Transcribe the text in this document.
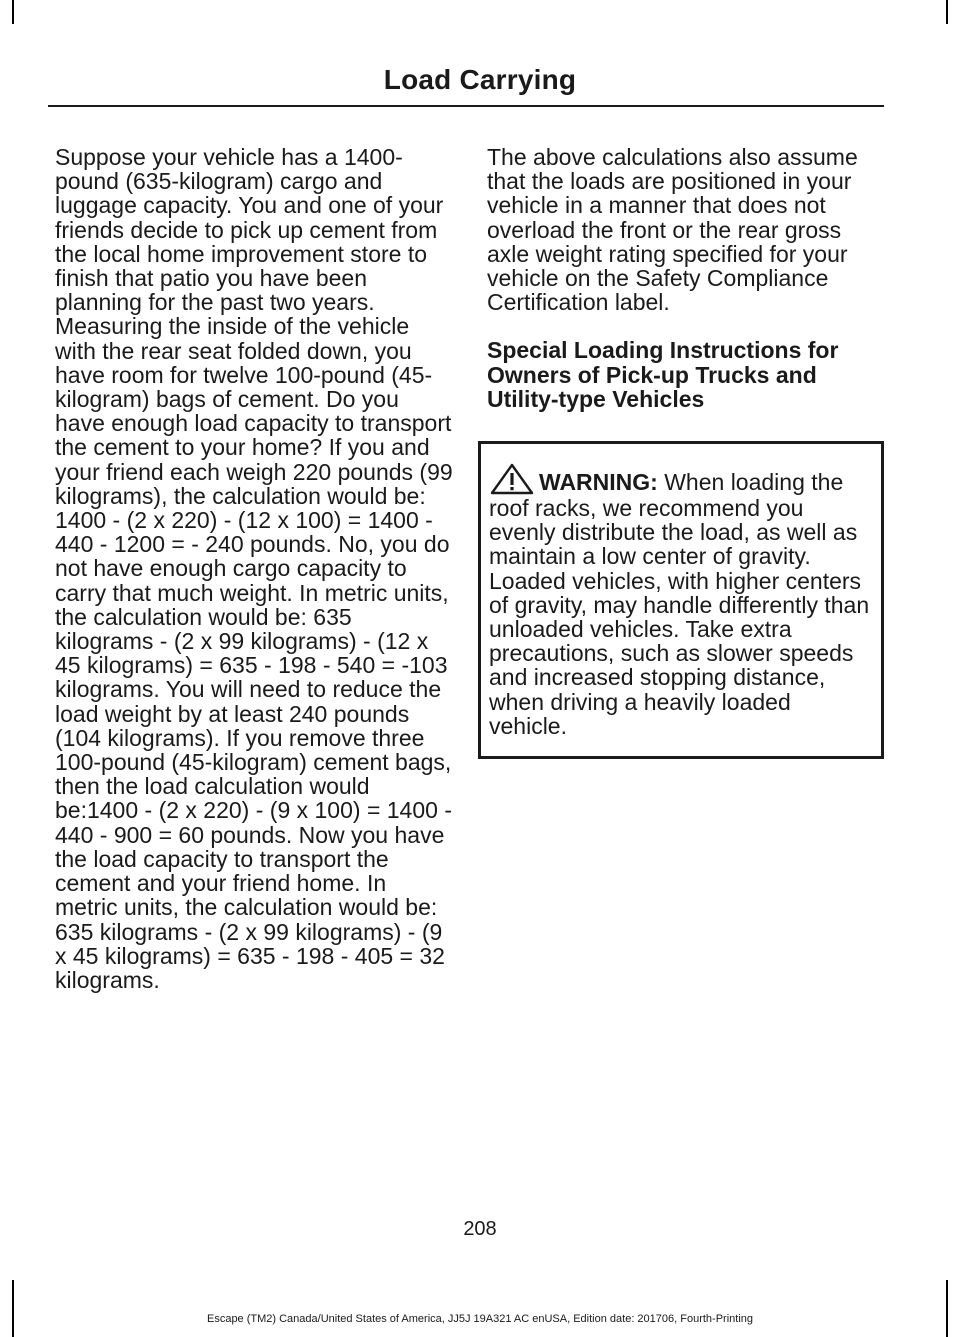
Load Carrying

Suppose your vehicle has a 1400-pound (635-kilogram) cargo and luggage capacity. You and one of your friends decide to pick up cement from the local home improvement store to finish that patio you have been planning for the past two years. Measuring the inside of the vehicle with the rear seat folded down, you have room for twelve 100-pound (45-kilogram) bags of cement. Do you have enough load capacity to transport the cement to your home? If you and your friend each weigh 220 pounds (99 kilograms), the calculation would be: 1400 - (2 x 220) - (12 x 100) = 1400 - 440 - 1200 = - 240 pounds. No, you do not have enough cargo capacity to carry that much weight. In metric units, the calculation would be: 635 kilograms - (2 x 99 kilograms) - (12 x 45 kilograms) = 635 - 198 - 540 = -103 kilograms. You will need to reduce the load weight by at least 240 pounds (104 kilograms). If you remove three 100-pound (45-kilogram) cement bags, then the load calculation would be:1400 - (2 x 220) - (9 x 100) = 1400 - 440 - 900 = 60 pounds. Now you have the load capacity to transport the cement and your friend home. In metric units, the calculation would be: 635 kilograms - (2 x 99 kilograms) - (9 x 45 kilograms) = 635 - 198 - 405 = 32 kilograms.

The above calculations also assume that the loads are positioned in your vehicle in a manner that does not overload the front or the rear gross axle weight rating specified for your vehicle on the Safety Compliance Certification label.

Special Loading Instructions for Owners of Pick-up Trucks and Utility-type Vehicles

WARNING: When loading the roof racks, we recommend you evenly distribute the load, as well as maintain a low center of gravity. Loaded vehicles, with higher centers of gravity, may handle differently than unloaded vehicles. Take extra precautions, such as slower speeds and increased stopping distance, when driving a heavily loaded vehicle.
208
Escape (TM2) Canada/United States of America, JJ5J 19A321 AC enUSA, Edition date: 201706, Fourth-Printing
